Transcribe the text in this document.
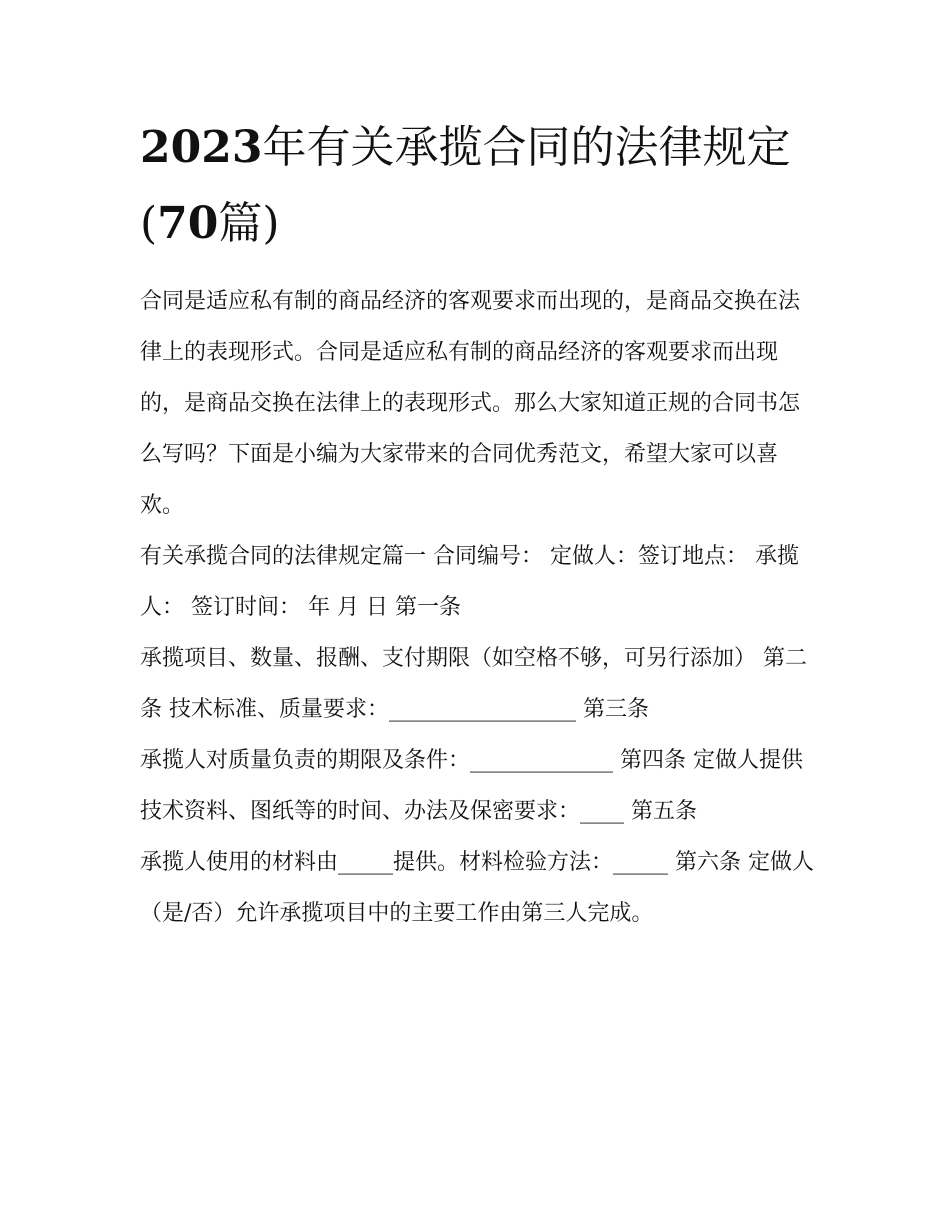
2023年有关承揽合同的法律规定(70篇)

合同是适应私有制的商品经济的客观要求而出现的，是商品交换在法律上的表现形式。合同是适应私有制的商品经济的客观要求而出现的，是商品交换在法律上的表现形式。那么大家知道正规的合同书怎么写吗？下面是小编为大家带来的合同优秀范文，希望大家可以喜欢。

有关承揽合同的法律规定篇一 合同编号： 定做人：签订地点： 承揽人： 签订时间： 年 月 日 第一条

承揽项目、数量、报酬、支付期限（如空格不够，可另行添加） 第二条 技术标准、质量要求：_________________ 第三条

承揽人对质量负责的期限及条件：_____________ 第四条 定做人提供技术资料、图纸等的时间、办法及保密要求：____ 第五条

承揽人使用的材料由_____提供。材料检验方法：_____ 第六条 定做人（是/否）允许承揽项目中的主要工作由第三人完成。
